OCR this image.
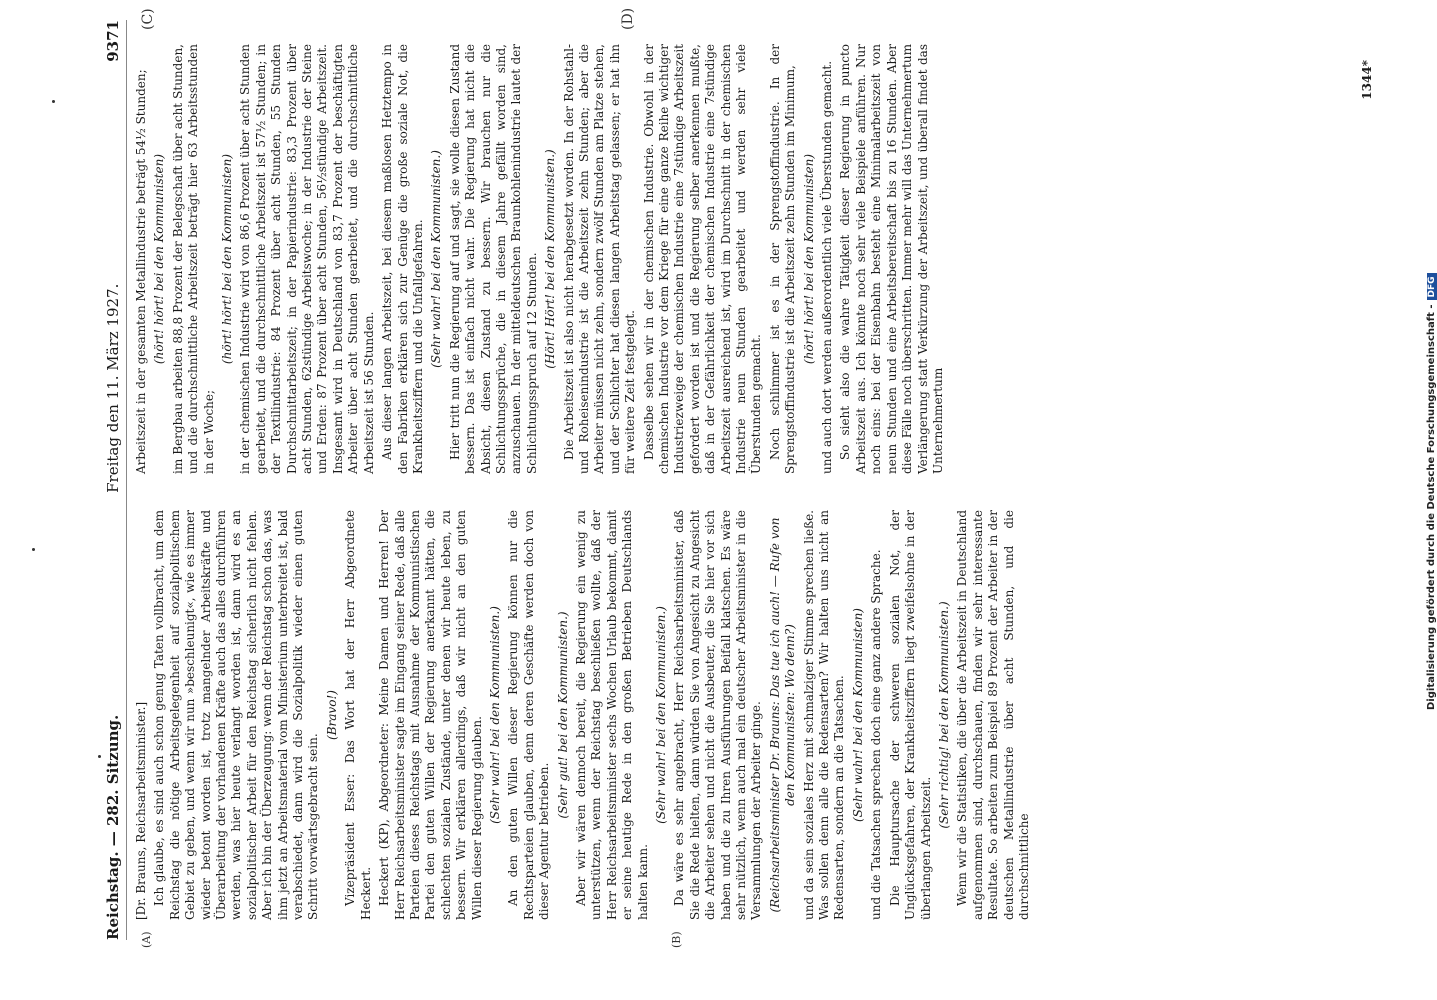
Reichstag. — 282. Sitzung.
Freitag den 11. März 1927.
9371
(A)	(B)
(C)	(D)

[Dr. Brauns, Reichsarbeitsminister.] Ich glaube, es sind auch schon genug Taten vollbracht, um dem Reichstag die nötige Arbeitsgelegenheit auf sozialpolitischem Gebiet zu geben, und wenn wir nun »beschleunigt«, wie es immer wieder betont worden ist, trotz mangelnder Arbeitskräfte und Überarbeitung der vorhandenen Kräfte auch das alles durchführen werden, was hier heute verlangt worden ist, dann wird es an sozialpolitischer Arbeit für den Reichstag sicherlich nicht fehlen. Aber ich bin der Überzeugung: wenn der Reichstag schon das, was ihm jetzt an Arbeitsmaterial vom Ministerium unterbreitet ist, bald verabschiedet, dann wird die Sozialpolitik wieder einen guten Schritt vorwärtsgebracht sein.

(Bravo!) Vizepräsident Esser: Das Wort hat der Herr Abgeordnete Heckert. Heckert (KP), Abgeordneter: Meine Damen und Herren! Der Herr Reichsarbeitsminister sagte im Eingang seiner Rede, daß alle Parteien dieses Reichstags mit Ausnahme der Kommunistischen Partei den guten Willen der Regierung anerkannt hätten, die schlechten sozialen Zustände, unter denen wir heute leben, zu bessern. Wir erklären allerdings, daß wir nicht an den guten Willen dieser Regierung glauben. (Sehr wahr! bei den Kommunisten.) An den guten Willen dieser Regierung können nur die Rechtsparteien glauben, denn deren Geschäfte werden doch von dieser Agentur betrieben.

(Sehr gut! bei den Kommunisten.) Aber wir wären dennoch bereit, die Regierung ein wenig zu unterstützen, wenn der Reichstag beschließen wollte, daß der Herr Reichsarbeitsminister sechs Wochen Urlaub bekommt, damit er seine heutige Rede in den großen Betrieben Deutschlands halten kann.

(Sehr wahr! bei den Kommunisten.) Da wäre es sehr angebracht, Herr Reichsarbeitsminister, daß Sie die Rede hielten, dann würden Sie von Angesicht zu Angesicht die Arbeiter sehen und nicht die Ausbeuter, die Sie hier vor sich haben und die zu Ihren Ausführungen Beifall klatschen. Es wäre sehr nützlich, wenn auch mal ein deutscher Arbeitsminister in die Versammlungen der Arbeiter ginge. (Reichsarbeitsminister Dr. Brauns: Das tue ich auch! — Rufe von den Kommunisten: Wo denn?) und da sein soziales Herz mit schmalziger Stimme sprechen ließe. Was sollen denn alle die Redensarten? Wir halten uns nicht an Redensarten, sondern an die Tatsachen. (Sehr wahr! bei den Kommunisten) und die Tatsachen sprechen doch eine ganz andere Sprache. Die Hauptursache der schweren sozialen Not, der Unglücksgefahren, der Krankheitsziffern liegt zweifelsohne in der überlangen Arbeitszeit.

(Sehr richtig! bei den Kommunisten.) Wenn wir die Statistiken, die über die Arbeitszeit in Deutschland aufgenommen sind, durchschauen, finden wir sehr interessante Resultate. So arbeiten zum Beispiel 89 Prozent der Arbeiter in der deutschen Metallindustrie über acht Stunden, und die durchschnittliche

Arbeitszeit in der gesamten Metallindustrie beträgt 54½ Stunden; (hört! hört! bei den Kommunisten) im Bergbau arbeiten 88,8 Prozent der Belegschaft über acht Stunden, und die durchschnittliche Arbeitszeit beträgt hier 63 Arbeitsstunden in der Woche;

(hört! hört! bei den Kommunisten) in der chemischen Industrie wird von 86,6 Prozent über acht Stunden gearbeitet, und die durchschnittliche Arbeitszeit ist 57½ Stunden; in der Textilindustrie: 84 Prozent über acht Stunden, 55 Stunden Durchschnittarbeitszeit; in der Papierindustrie: 83,3 Prozent über acht Stunden, 62stündige Arbeitswoche; in der Industrie der Steine und Erden: 87 Prozent über acht Stunden, 56½stündige Arbeitszeit. Insgesamt wird in Deutschland von 83,7 Prozent der beschäftigten Arbeiter über acht Stunden gearbeitet, und die durchschnittliche Arbeitszeit ist 56 Stunden. Aus dieser langen Arbeitszeit, bei diesem maßlosen Hetztempo in den Fabriken erklären sich zur Genüge die große soziale Not, die Krankheitsziffern und die Unfallgefahren. (Sehr wahr! bei den Kommunisten.) Hier tritt nun die Regierung auf und sagt, sie wolle diesen Zustand bessern. Das ist einfach nicht wahr. Die Regierung hat nicht die Absicht, diesen Zustand zu bessern. Wir brauchen nur die Schlichtungssprüche, die in diesem Jahre gefällt worden sind, anzuschauen. In der mitteldeutschen Braunkohlenindustrie lautet der Schlichtungsspruch auf 12 Stunden. (Hört! Hört! bei den Kommunisten.) Die Arbeitszeit ist also nicht herabgesetzt worden. In der Rohstahl- und Roheisenindustrie ist die Arbeitszeit zehn Stunden; aber die Arbeiter müssen nicht zehn, sondern zwölf Stunden am Platze stehen, und der Schlichter hat diesen langen Arbeitstag gelassen; er hat ihn für weitere Zeit festgelegt. Dasselbe sehen wir in der chemischen Industrie. Obwohl in der chemischen Industrie vor dem Kriege für eine ganze Reihe wichtiger Industriezweige der chemischen Industrie eine 7stündige Arbeitszeit gefordert worden ist und die Regierung selber anerkennen mußte, daß in der Gefährlichkeit der chemischen Industrie eine 7stündige Arbeitszeit ausreichend ist, wird im Durchschnitt in der chemischen Industrie neun Stunden gearbeitet und werden sehr viele Überstunden gemacht. Noch schlimmer ist es in der Sprengstoffindustrie. In der Sprengstoffindustrie ist die Arbeitszeit zehn Stunden im Minimum, (hört! hört! bei den Kommunisten) und auch dort werden außerordentlich viele Überstunden gemacht. So sieht also die wahre Tätigkeit dieser Regierung in puncto Arbeitszeit aus. Ich könnte noch sehr viele Beispiele anführen. Nur noch eins: bei der Eisenbahn besteht eine Minimalarbeitszeit von neun Stunden und eine Arbeitsbereitschaft bis zu 16 Stunden. Aber diese Fälle noch überschritten. Immer mehr will das Unternehmertum Verlängerung statt Verkürzung der Arbeitszeit, und überall findet das Unternehmertum

1344*
Digitalisierung gefördert durch die Deutsche Forschungsgemeinschaft -DFG
